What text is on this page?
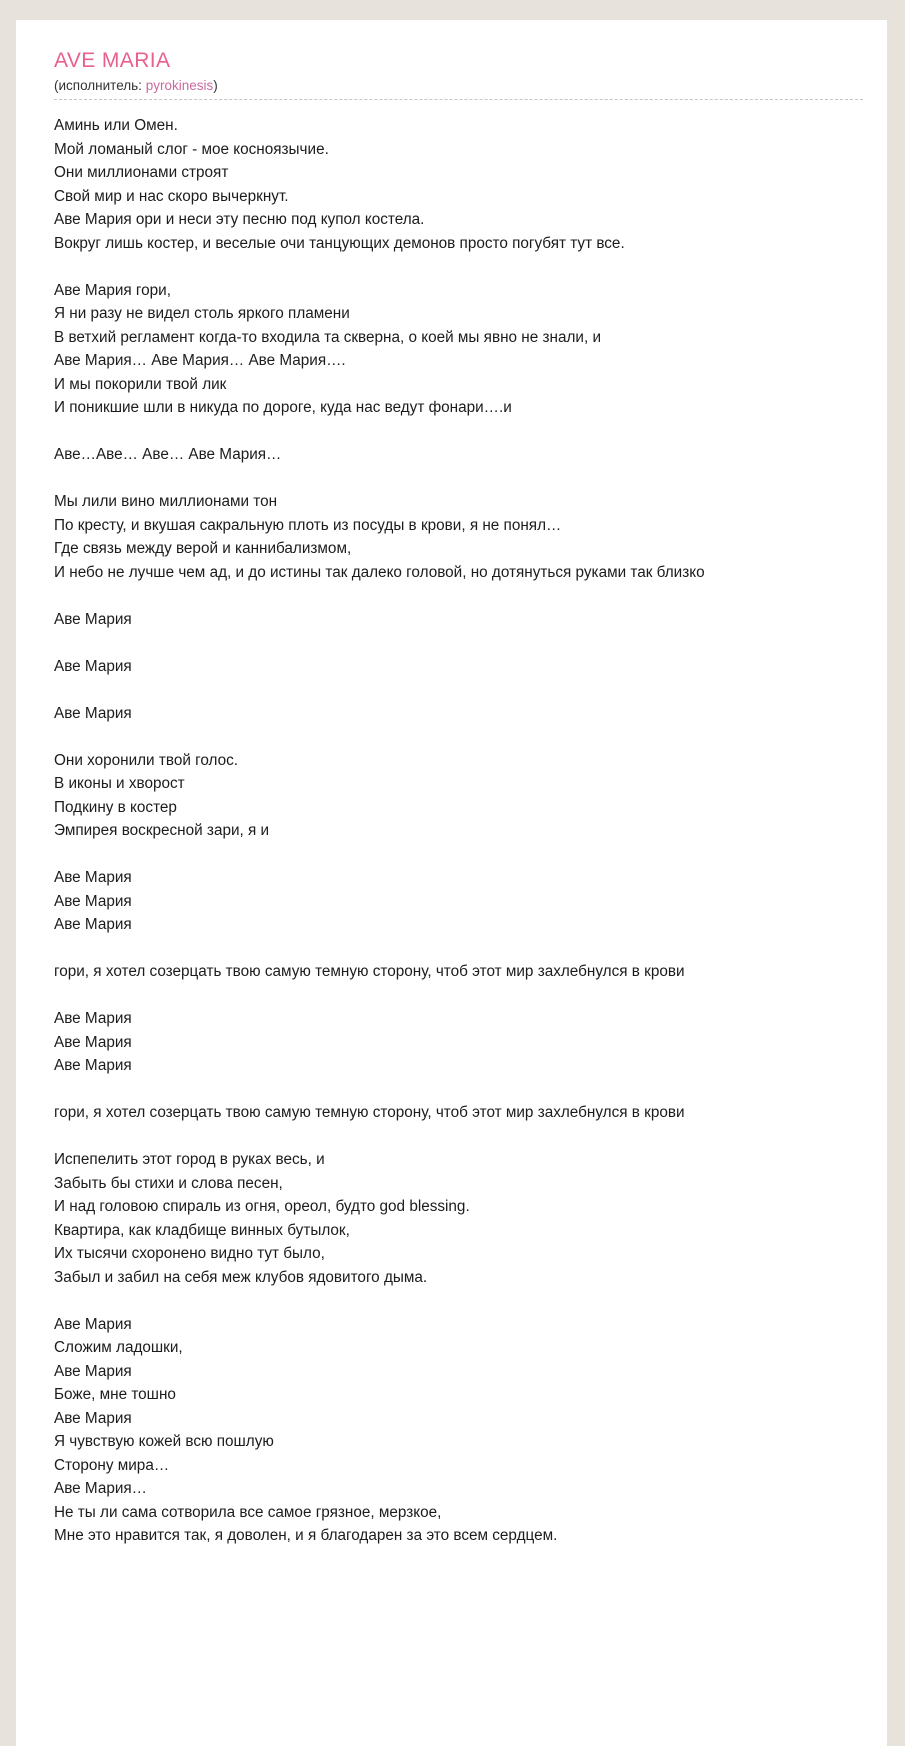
AVE MARIA
(исполнитель: pyrokinesis)
Аминь или Омен.
Мой ломаный слог - мое косноязычие.
Они миллионами строят
Свой мир и нас скоро вычеркнут.
Аве Мария ори и неси эту песню под купол костела.
Вокруг лишь костер, и веселые очи танцующих демонов просто погубят тут все.
Аве Мария гори,
Я ни разу не видел столь яркого пламени
В ветхий регламент когда-то входила та скверна, о коей мы явно не знали, и
Аве Мария… Аве Мария… Аве Мария….
И мы покорили твой лик
И поникшие шли в никуда по дороге, куда нас ведут фонари….и
Аве…Аве… Аве… Аве Мария…
Мы лили вино миллионами тон
По кресту, и вкушая сакральную плоть из посуды в крови, я не понял…
Где связь между верой и каннибализмом,
И небо не лучше чем ад, и до истины так далеко головой, но дотянуться руками так близко
Аве Мария
Аве Мария
Аве Мария
Они хоронили твой голос.
В иконы и хворост
Подкину в костер
Эмпирея воскресной зари, я и
Аве Мария
Аве Мария
Аве Мария
гори, я хотел созерцать твою самую темную сторону, чтоб этот мир захлебнулся в крови
Аве Мария
Аве Мария
Аве Мария
гори, я хотел созерцать твою самую темную сторону, чтоб этот мир захлебнулся в крови
Испепелить этот город в руках весь, и
Забыть бы стихи и слова песен,
И над головою спираль из огня, ореол, будто god blessing.
Квартира, как кладбище винных бутылок,
Их тысячи схоронено видно тут было,
Забыл и забил на себя меж клубов ядовитого дыма.
Аве Мария
Сложим ладошки,
Аве Мария
Боже, мне тошно
Аве Мария
Я чувствую кожей всю пошлую
Сторону мира…
Аве Мария…
Не ты ли сама сотворила все самое грязное, мерзкое,
Мне это нравится так, я доволен, и я благодарен за это всем сердцем.
